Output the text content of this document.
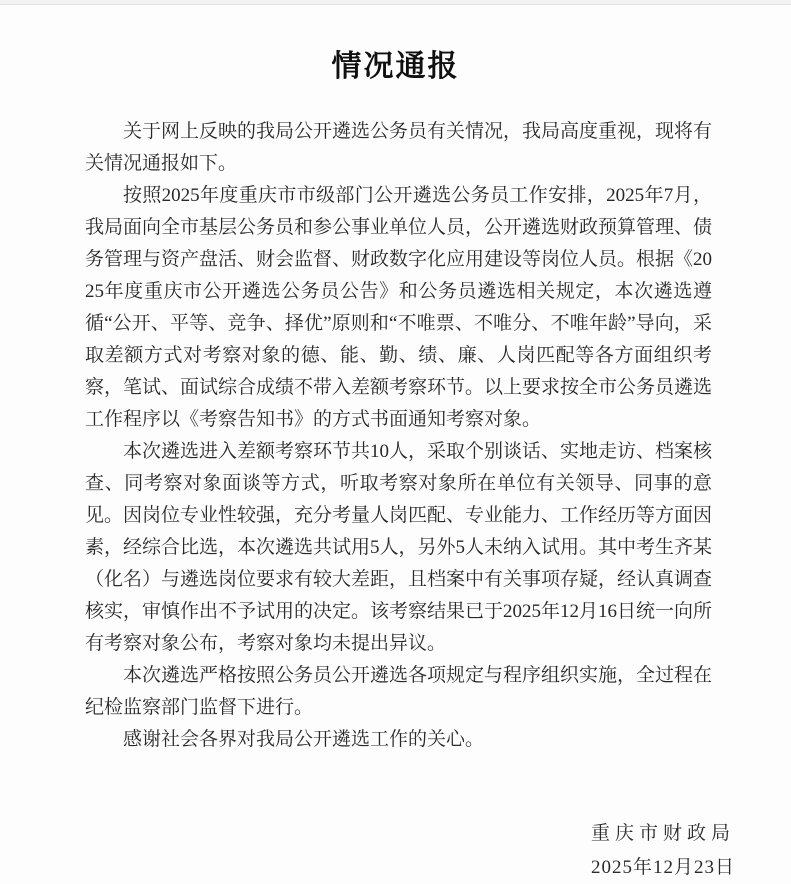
情况通报

关于网上反映的我局公开遴选公务员有关情况，我局高度重视，现将有关情况通报如下。

按照2025年度重庆市市级部门公开遴选公务员工作安排，2025年7月，我局面向全市基层公务员和参公事业单位人员，公开遴选财政预算管理、债务管理与资产盘活、财会监督、财政数字化应用建设等岗位人员。根据《2025年度重庆市公开遴选公务员公告》和公务员遴选相关规定，本次遴选遵循“公开、平等、竞争、择优”原则和“不唯票、不唯分、不唯年龄”导向，采取差额方式对考察对象的德、能、勤、绩、廉、人岗匹配等各方面组织考察，笔试、面试综合成绩不带入差额考察环节。以上要求按全市公务员遴选工作程序以《考察告知书》的方式书面通知考察对象。

本次遴选进入差额考察环节共10人，采取个别谈话、实地走访、档案核查、同考察对象面谈等方式，听取考察对象所在单位有关领导、同事的意见。因岗位专业性较强，充分考量人岗匹配、专业能力、工作经历等方面因素，经综合比选，本次遴选共试用5人，另外5人未纳入试用。其中考生齐某（化名）与遴选岗位要求有较大差距，且档案中有关事项存疑，经认真调查核实，审慎作出不予试用的决定。该考察结果已于2025年12月16日统一向所有考察对象公布，考察对象均未提出异议。

本次遴选严格按照公务员公开遴选各项规定与程序组织实施，全过程在纪检监察部门监督下进行。

感谢社会各界对我局公开遴选工作的关心。

重庆市财政局
2025年12月23日
